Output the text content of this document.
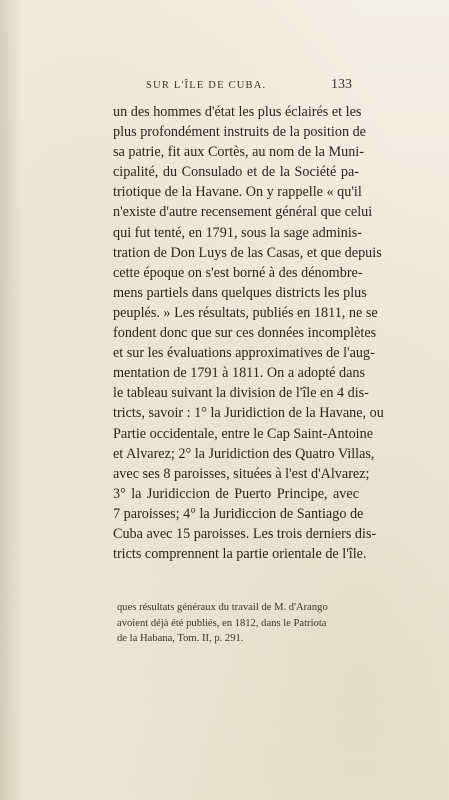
SUR L'ÎLE DE CUBA.	133
un des hommes d'état les plus éclairés et les
plus profondément instruits de la position de
sa patrie, fit aux Cortès, au nom de la Muni-
cipalité, du Consulado et de la Société pa-
triotique de la Havane. On y rappelle « qu'il
n'existe d'autre recensement général que celui
qui fut tenté, en 1791, sous la sage adminis-
tration de Don Luys de las Casas, et que depuis
cette époque on s'est borné à des dénombre-
mens partiels dans quelques districts les plus
peuplés. » Les résultats, publiés en 1811, ne se
fondent donc que sur ces données incomplètes
et sur les évaluations approximatives de l'aug-
mentation de 1791 à 1811. On a adopté dans
le tableau suivant la division de l'île en 4 dis-
tricts, savoir : 1° la Juridiction de la Havane, ou
Partie occidentale, entre le Cap Saint-Antoine
et Alvarez; 2° la Juridiction des Quatro Villas,
avec ses 8 paroisses, situées à l'est d'Alvarez;
3° la Juridiccion de Puerto Principe, avec
7 paroisses; 4° la Juridiccion de Santiago de
Cuba avec 15 paroisses. Les trois derniers dis-
tricts comprennent la partie orientale de l'île.
ques résultats généraux du travail de M. d'Arango
avoient déjà été publiés, en 1812, dans le Patriota
de la Habana, Tom. II, p. 291.
